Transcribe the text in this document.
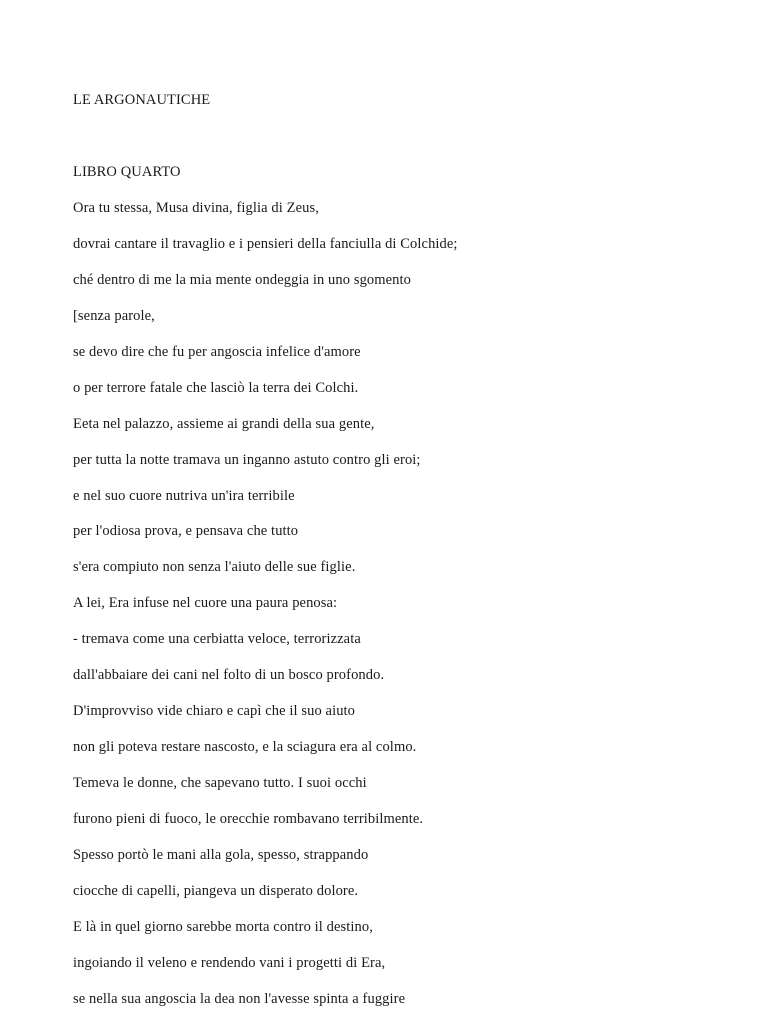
LE ARGONAUTICHE
LIBRO QUARTO
Ora tu stessa, Musa divina, figlia di Zeus,
dovrai cantare il travaglio e i pensieri della fanciulla di Colchide;
ché dentro di me la mia mente ondeggia in uno sgomento
[senza parole,
se devo dire che fu per angoscia infelice d'amore
o per terrore fatale che lasciò la terra dei Colchi.
Eeta nel palazzo, assieme ai grandi della sua gente,
per tutta la notte tramava un inganno astuto contro gli eroi;
e nel suo cuore nutriva un'ira terribile
per l'odiosa prova, e pensava che tutto
s'era compiuto non senza l'aiuto delle sue figlie.
A lei, Era infuse nel cuore una paura penosa:
- tremava come una cerbiatta veloce, terrorizzata
dall'abbaiare dei cani nel folto di un bosco profondo.
D'improvviso vide chiaro e capì che il suo aiuto
non gli poteva restare nascosto, e la sciagura era al colmo.
Temeva le donne, che sapevano tutto. I suoi occhi
furono pieni di fuoco, le orecchie rombavano terribilmente.
Spesso portò le mani alla gola, spesso, strappando
ciocche di capelli, piangeva un disperato dolore.
E là in quel giorno sarebbe morta contro il destino,
ingoiando il veleno e rendendo vani i progetti di Era,
se nella sua angoscia la dea non l'avesse spinta a fuggire
